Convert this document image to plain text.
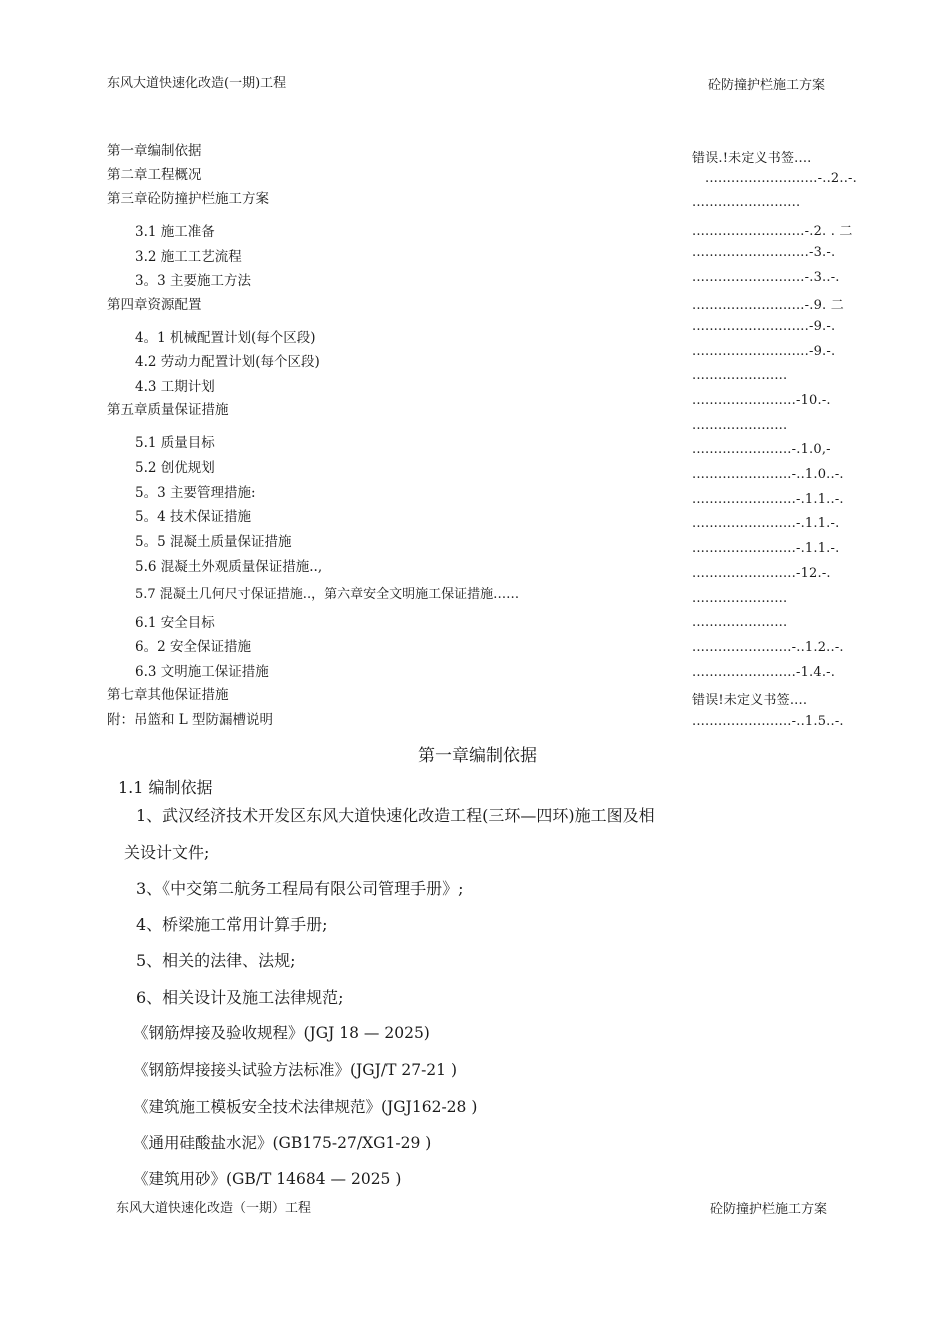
东风大道快速化改造(一期)工程	砼防撞护栏施工方案
第一章编制依据
第二章工程概况
第三章砼防撞护栏施工方案
3.1 施工准备
3.2 施工工艺流程
3。3 主要施工方法
第四章资源配置
4。1 机械配置计划(每个区段)
4.2 劳动力配置计划(每个区段)
4.3 工期计划
第五章质量保证措施
5.1 质量目标
5.2 创优规划
5。3 主要管理措施:
5。4 技术保证措施
5。5 混凝土质量保证措施
5.6 混凝土外观质量保证措施..,
5.7 混凝土几何尺寸保证措施..，第六章安全文明施工保证措施……
6.1 安全目标
6。2 安全保证措施
6.3 文明施工保证措施
第七章其他保证措施
附：吊篮和 L 型防漏槽说明
错误.!未定义书签....
..........................-..2..-.
.........................
..........................-.2. . 二
...........................-3.-.
..........................-.3..-.
..........................-.9. 二
...........................-9.-.
...........................-9.-.
......................
........................-10.-.
......................
.......................-.1.0,-
.......................-..1.0..-.
........................-.1.1..-.
........................-.1.1.-.
........................-.1.1.-.
........................-12.-.
......................
......................
.......................-..1.2..-.
........................-1.4.-.
错误!未定义书签....
.......................-..1.5..-.
第一章编制依据
1.1 编制依据
1、武汉经济技术开发区东风大道快速化改造工程(三环—四环)施工图及相
关设计文件;
3、《中交第二航务工程局有限公司管理手册》;
4、桥梁施工常用计算手册;
5、相关的法律、法规;
6、相关设计及施工法律规范;
《钢筋焊接及验收规程》(JGJ 18 — 2025)
《钢筋焊接接头试验方法标准》(JGJ/T 27-21 )
《建筑施工模板安全技术法律规范》(JGJ162-28 )
《通用硅酸盐水泥》(GB175-27/XG1-29 )
《建筑用砂》(GB/T 14684 — 2025 )
东风大道快速化改造（一期）工程	砼防撞护栏施工方案
